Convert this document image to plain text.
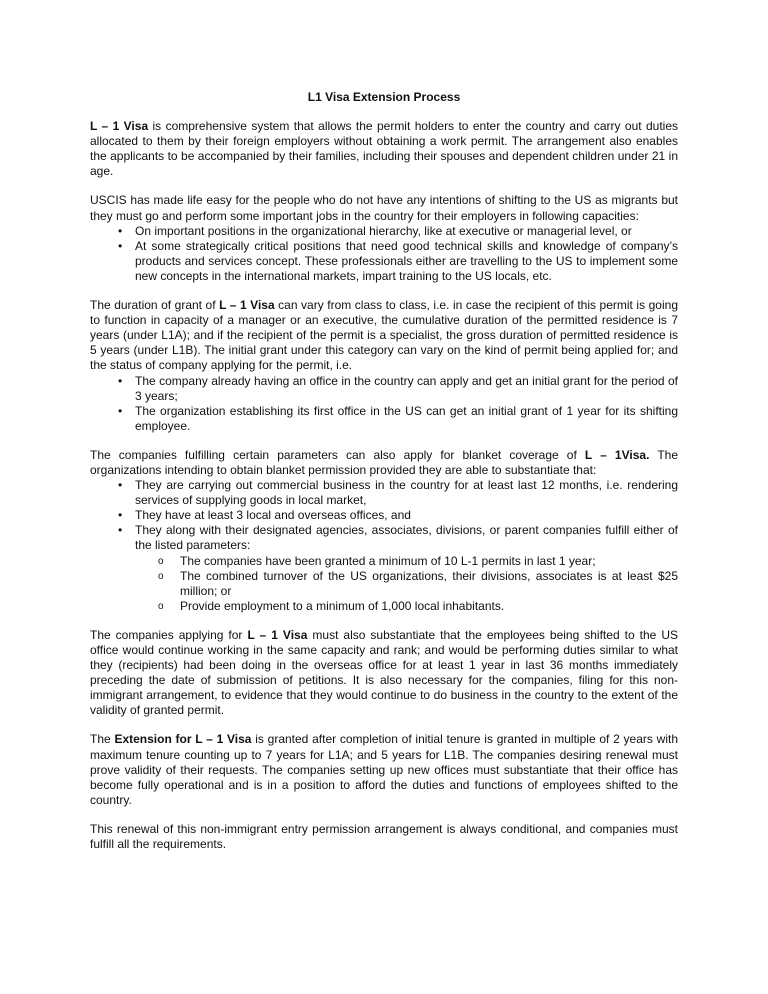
L1 Visa Extension Process

L – 1 Visa is comprehensive system that allows the permit holders to enter the country and carry out duties allocated to them by their foreign employers without obtaining a work permit. The arrangement also enables the applicants to be accompanied by their families, including their spouses and dependent children under 21 in age.

USCIS has made life easy for the people who do not have any intentions of shifting to the US as migrants but they must go and perform some important jobs in the country for their employers in following capacities:

• On important positions in the organizational hierarchy, like at executive or managerial level, or
• At some strategically critical positions that need good technical skills and knowledge of company’s products and services concept. These professionals either are travelling to the US to implement some new concepts in the international markets, impart training to the US locals, etc.

The duration of grant of L – 1 Visa can vary from class to class, i.e. in case the recipient of this permit is going to function in capacity of a manager or an executive, the cumulative duration of the permitted residence is 7 years (under L1A); and if the recipient of the permit is a specialist, the gross duration of permitted residence is 5 years (under L1B). The initial grant under this category can vary on the kind of permit being applied for; and the status of company applying for the permit, i.e.

• The company already having an office in the country can apply and get an initial grant for the period of 3 years;
• The organization establishing its first office in the US can get an initial grant of 1 year for its shifting employee.

The companies fulfilling certain parameters can also apply for blanket coverage of L – 1Visa. The organizations intending to obtain blanket permission provided they are able to substantiate that:

• They are carrying out commercial business in the country for at least last 12 months, i.e. rendering services of supplying goods in local market,
• They have at least 3 local and overseas offices, and
• They along with their designated agencies, associates, divisions, or parent companies fulfill either of the listed parameters:
o The companies have been granted a minimum of 10 L-1 permits in last 1 year;
o The combined turnover of the US organizations, their divisions, associates is at least $25 million; or
o Provide employment to a minimum of 1,000 local inhabitants.

The companies applying for L – 1 Visa must also substantiate that the employees being shifted to the US office would continue working in the same capacity and rank; and would be performing duties similar to what they (recipients) had been doing in the overseas office for at least 1 year in last 36 months immediately preceding the date of submission of petitions. It is also necessary for the companies, filing for this non-immigrant arrangement, to evidence that they would continue to do business in the country to the extent of the validity of granted permit.

The Extension for L – 1 Visa is granted after completion of initial tenure is granted in multiple of 2 years with maximum tenure counting up to 7 years for L1A; and 5 years for L1B. The companies desiring renewal must prove validity of their requests. The companies setting up new offices must substantiate that their office has become fully operational and is in a position to afford the duties and functions of employees shifted to the country.

This renewal of this non-immigrant entry permission arrangement is always conditional, and companies must fulfill all the requirements.
